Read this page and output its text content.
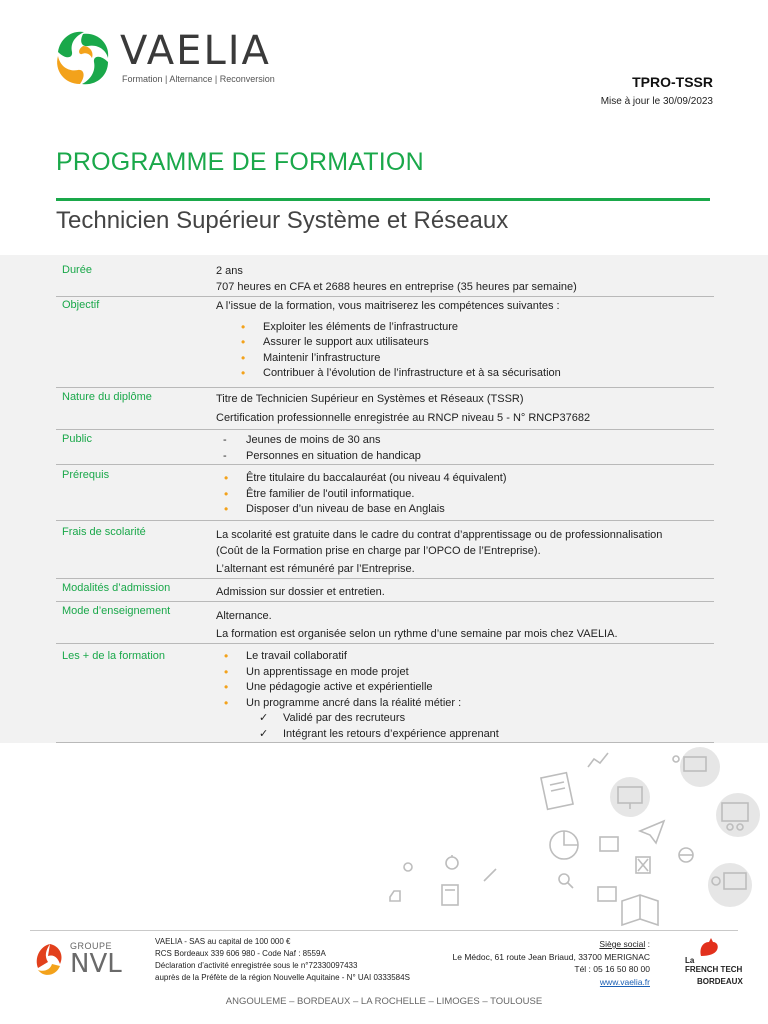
VAELIA
Formation | Alternance | Reconversion	TPRO-TSSR
Mise à jour le 30/09/2023
PROGRAMME DE FORMATION
Technicien Supérieur Système et Réseaux
Durée	2 ans
707 heures en CFA et 2688 heures en entreprise (35 heures par semaine)
Objectif	A l’issue de la formation, vous maitriserez les compétences suivantes :
• Exploiter les éléments de l’infrastructure
• Assurer le support aux utilisateurs
• Maintenir l’infrastructure
• Contribuer à l’évolution de l’infrastructure et à sa sécurisation
Nature du diplôme	Titre de Technicien Supérieur en Systèmes et Réseaux (TSSR)
Certification professionnelle enregistrée au RNCP niveau 5 - N° RNCP37682
Public	- Jeunes de moins de 30 ans
- Personnes en situation de handicap
Prérequis	• Être titulaire du baccalauréat (ou niveau 4 équivalent)
• Être familier de l'outil informatique.
• Disposer d’un niveau de base en Anglais
Frais de scolarité	La scolarité est gratuite dans le cadre du contrat d’apprentissage ou de professionnalisation
(Coût de la Formation prise en charge par l’OPCO de l’Entreprise).
L’alternant est rémunéré par l’Entreprise.
Modalités d’admission	Admission sur dossier et entretien.
Mode d’enseignement	Alternance.
La formation est organisée selon un rythme d’une semaine par mois chez VAELIA.
Les + de la formation	• Le travail collaboratif
• Un apprentissage en mode projet
• Une pédagogie active et expérientielle
• Un programme ancré dans la réalité métier :
✓ Validé par des recruteurs
✓ Intégrant les retours d’expérience apprenant
GROUPE
NVL
VAELIA - SAS au capital de 100 000 €
RCS Bordeaux 339 606 980 - Code Naf : 8559A
Déclaration d’activité enregistrée sous le n°72330097433
auprès de la Préfète de la région Nouvelle Aquitaine - N° UAI 0333584S
Siège social :
Le Médoc, 61 route Jean Briaud, 33700 MERIGNAC
Tél : 05 16 50 80 00
www.vaelia.fr
La
FRENCH TECH
BORDEAUX
ANGOULEME – BORDEAUX – LA ROCHELLE – LIMOGES – TOULOUSE
